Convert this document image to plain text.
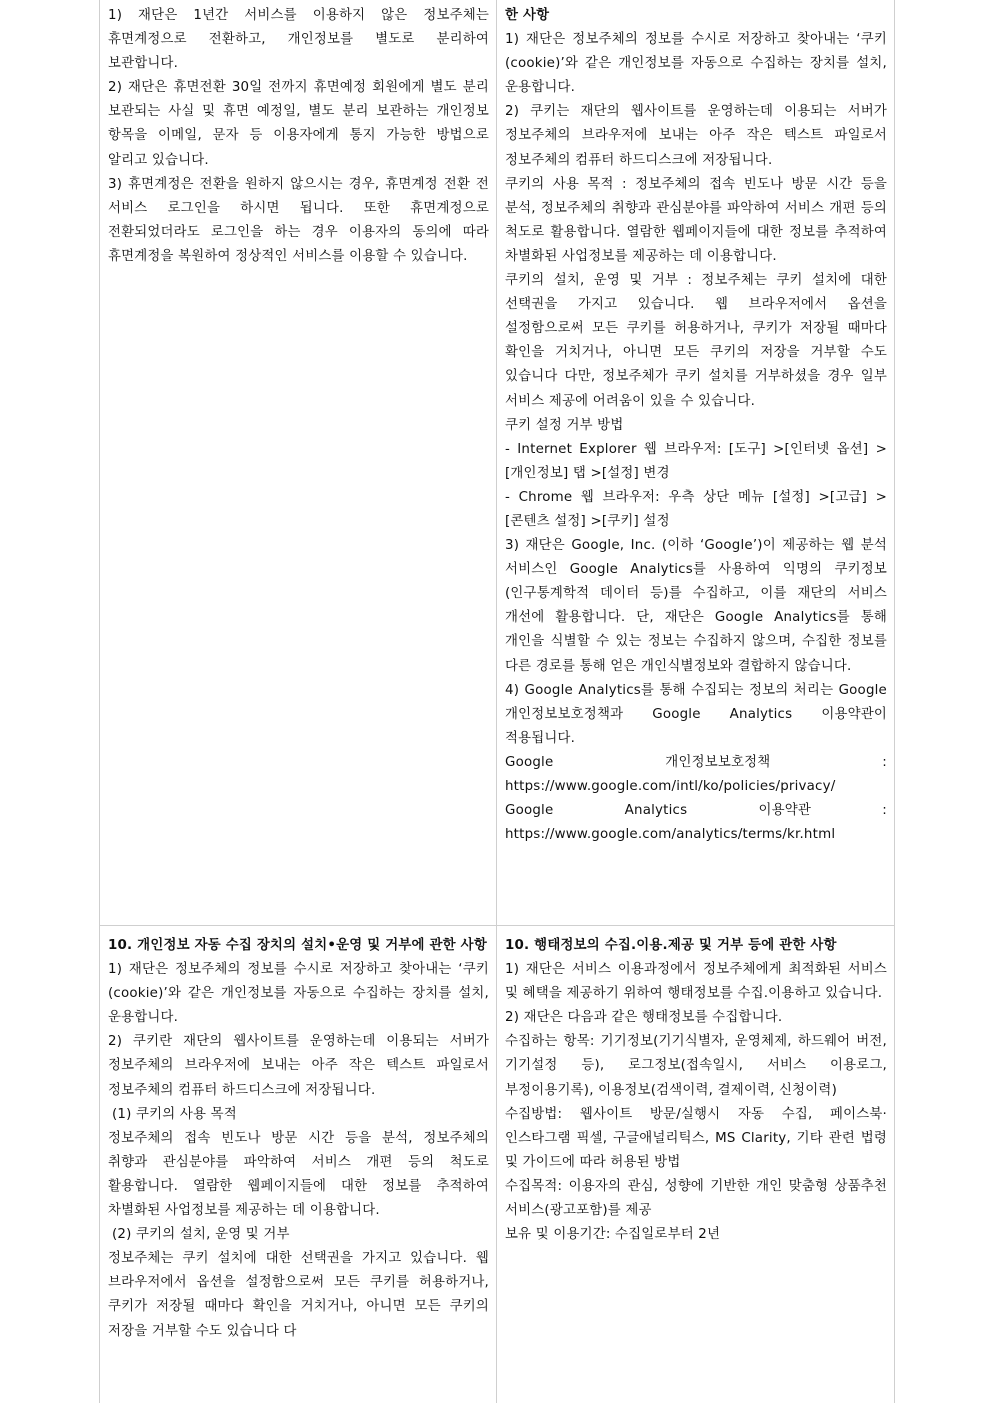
1) 재단은 1년간 서비스를 이용하지 않은 정보주체는 휴면계정으로 전환하고, 개인정보를 별도로 분리하여 보관합니다.

2) 재단은 휴면전환 30일 전까지 휴면예정 회원에게 별도 분리 보관되는 사실 및 휴면 예정일, 별도 분리 보관하는 개인정보 항목을 이메일, 문자 등 이용자에게 통지 가능한 방법으로 알리고 있습니다.

3) 휴면계정은 전환을 원하지 않으시는 경우, 휴면계정 전환 전 서비스 로그인을 하시면 됩니다. 또한 휴면계정으로 전환되었더라도 로그인을 하는 경우 이용자의 동의에 따라 휴면계정을 복원하여 정상적인 서비스를 이용할 수 있습니다.

한 사항

1) 재단은 정보주체의 정보를 수시로 저장하고 찾아내는 ‘쿠키(cookie)’와 같은 개인정보를 자동으로 수집하는 장치를 설치, 운용합니다.

2) 쿠키는 재단의 웹사이트를 운영하는데 이용되는 서버가 정보주체의 브라우저에 보내는 아주 작은 텍스트 파일로서 정보주체의 컴퓨터 하드디스크에 저장됩니다.

쿠키의 사용 목적 : 정보주체의 접속 빈도나 방문 시간 등을 분석, 정보주체의 취향과 관심분야를 파악하여 서비스 개편 등의 척도로 활용합니다. 열람한 웹페이지들에 대한 정보를 추적하여 차별화된 사업정보를 제공하는 데 이용합니다.

쿠키의 설치, 운영 및 거부 : 정보주체는 쿠키 설치에 대한 선택권을 가지고 있습니다. 웹 브라우저에서 옵션을 설정함으로써 모든 쿠키를 허용하거나, 쿠키가 저장될 때마다 확인을 거치거나, 아니면 모든 쿠키의 저장을 거부할 수도 있습니다 다만, 정보주체가 쿠키 설치를 거부하셨을 경우 일부 서비스 제공에 어려움이 있을 수 있습니다.

쿠키 설정 거부 방법

- Internet Explorer 웹 브라우저: [도구] >[인터넷 옵션] >[개인정보] 탭 >[설정] 변경

- Chrome 웹 브라우저: 우측 상단 메뉴 [설정] >[고급] >[콘텐츠 설정] >[쿠키] 설정

3) 재단은 Google, Inc. (이하 ‘Google’)이 제공하는 웹 분석 서비스인 Google Analytics를 사용하여 익명의 쿠키정보(인구통계학적 데이터 등)를 수집하고, 이를 재단의 서비스 개선에 활용합니다. 단, 재단은 Google Analytics를 통해 개인을 식별할 수 있는 정보는 수집하지 않으며, 수집한 정보를 다른 경로를 통해 얻은 개인식별정보와 결합하지 않습니다.

4) Google Analytics를 통해 수집되는 정보의 처리는 Google 개인정보보호정책과 Google Analytics 이용약관이 적용됩니다.

Google 개인정보보호정책 : https://www.google.com/intl/ko/policies/privacy/

Google Analytics 이용약관 : https://www.google.com/analytics/terms/kr.html

10. 개인정보 자동 수집 장치의 설치•운영 및 거부에 관한 사항

1) 재단은 정보주체의 정보를 수시로 저장하고 찾아내는 ‘쿠키(cookie)’와 같은 개인정보를 자동으로 수집하는 장치를 설치, 운용합니다.

2) 쿠키란 재단의 웹사이트를 운영하는데 이용되는 서버가 정보주체의 브라우저에 보내는 아주 작은 텍스트 파일로서 정보주체의 컴퓨터 하드디스크에 저장됩니다.

(1) 쿠키의 사용 목적

정보주체의 접속 빈도나 방문 시간 등을 분석, 정보주체의 취향과 관심분야를 파악하여 서비스 개편 등의 척도로 활용합니다. 열람한 웹페이지들에 대한 정보를 추적하여 차별화된 사업정보를 제공하는 데 이용합니다.

(2) 쿠키의 설치, 운영 및 거부

정보주체는 쿠키 설치에 대한 선택권을 가지고 있습니다. 웹 브라우저에서 옵션을 설정함으로써 모든 쿠키를 허용하거나, 쿠키가 저장될 때마다 확인을 거치거나, 아니면 모든 쿠키의 저장을 거부할 수도 있습니다 다

10. 행태정보의 수집.이용.제공 및 거부 등에 관한 사항

1) 재단은 서비스 이용과정에서 정보주체에게 최적화된 서비스 및 혜택을 제공하기 위하여 행태정보를 수집.이용하고 있습니다.

2) 재단은 다음과 같은 행태정보를 수집합니다.

수집하는 항목: 기기정보(기기식별자, 운영체제, 하드웨어 버전, 기기설정 등), 로그정보(접속일시, 서비스 이용로그, 부정이용기록), 이용정보(검색이력, 결제이력, 신청이력)

수집방법: 웹사이트 방문/실행시 자동 수집, 페이스북·인스타그램 픽셀, 구글애널리틱스, MS Clarity, 기타 관련 법령 및 가이드에 따라 허용된 방법

수집목적: 이용자의 관심, 성향에 기반한 개인 맞춤형 상품추천 서비스(광고포함)를 제공

보유 및 이용기간: 수집일로부터 2년
